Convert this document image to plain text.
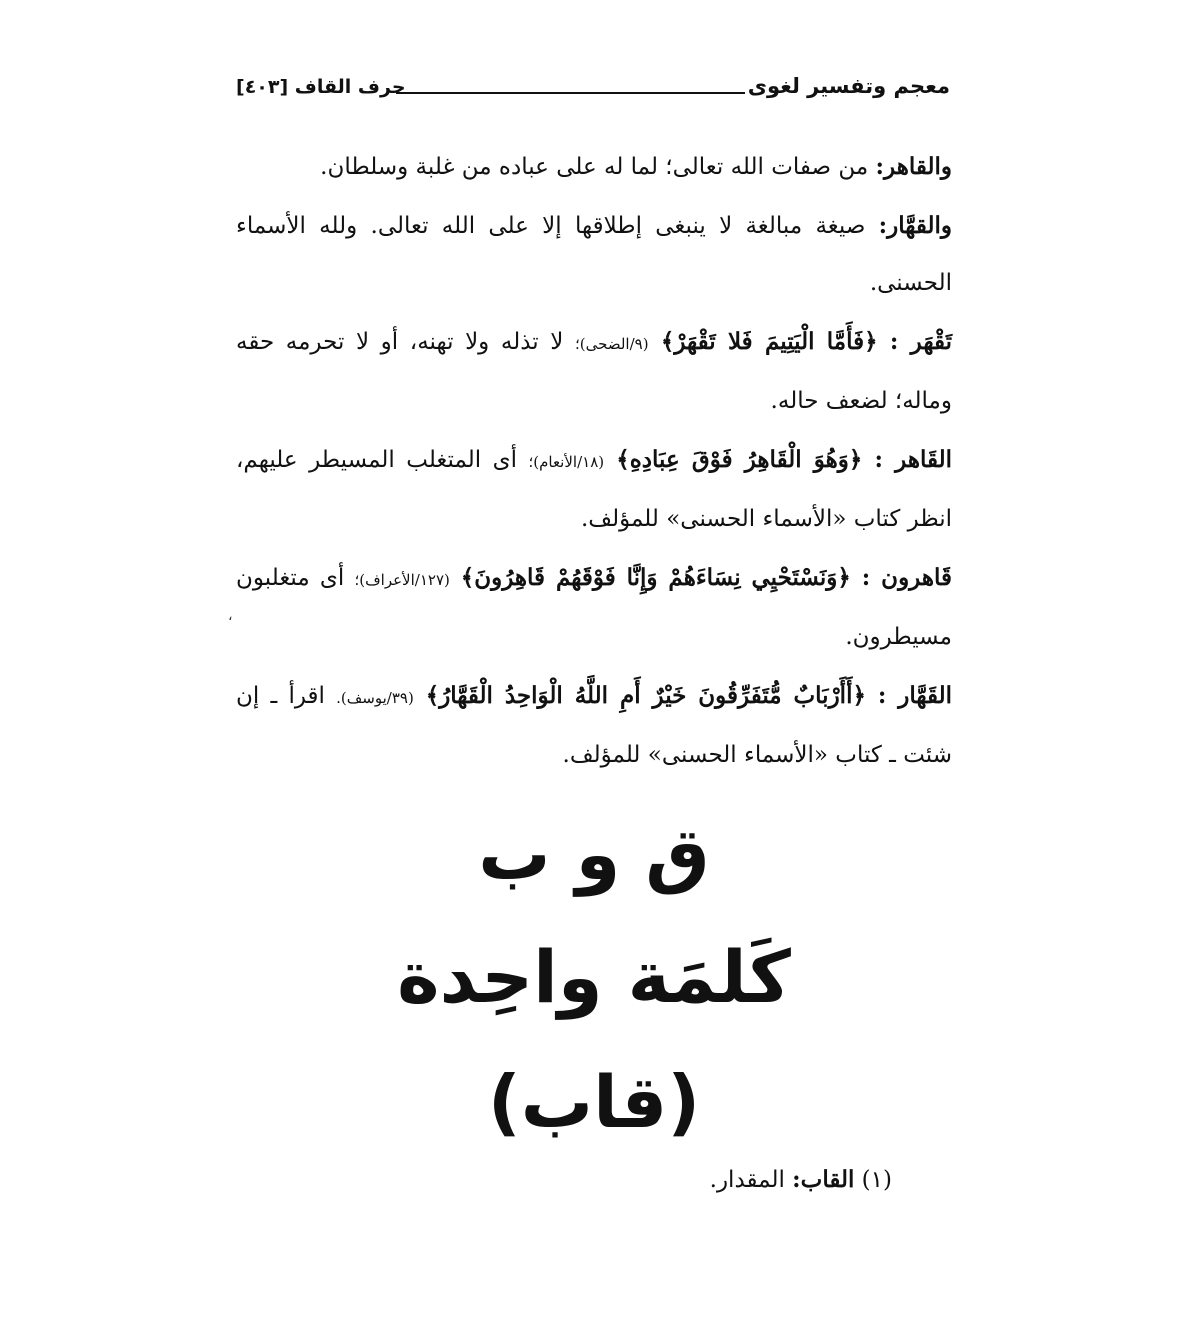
حرف القاف [٤٠٣]	معجم وتفسير لغوى

والقاهر: من صفات الله تعالى؛ لما له على عباده من غلبة وسلطان.

والقهَّار: صيغة مبالغة لا ينبغى إطلاقها إلا على الله تعالى. ولله الأسماء الحسنى.

تَقْهَر : ﴿فَأَمَّا الْيَتِيمَ فَلا تَقْهَرْ﴾ (٩/الضحى)؛ لا تذله ولا تهنه، أو لا تحرمه حقه وماله؛ لضعف حاله.

القَاهر : ﴿وَهُوَ الْقَاهِرُ فَوْقَ عِبَادِهِ﴾ (١٨/الأنعام)؛ أى المتغلب المسيطر عليهم، انظر كتاب «الأسماء الحسنى» للمؤلف.

قَاهرون : ﴿وَنَسْتَحْيِي نِسَاءَهُمْ وَإِنَّا فَوْقَهُمْ قَاهِرُونَ﴾ (١٢٧/الأعراف)؛ أى متغلبون مسيطرون.

القَهَّار : ﴿أَأَرْبَابٌ مُّتَفَرِّقُونَ خَيْرٌ أَمِ اللَّهُ الْوَاحِدُ الْقَهَّارُ﴾ (٣٩/يوسف). اقرأ ـ إن شئت ـ كتاب «الأسماء الحسنى» للمؤلف.

،
ق و ب
كَلمَة واحِدة
(قاب)
(١) القاب: المقدار.
